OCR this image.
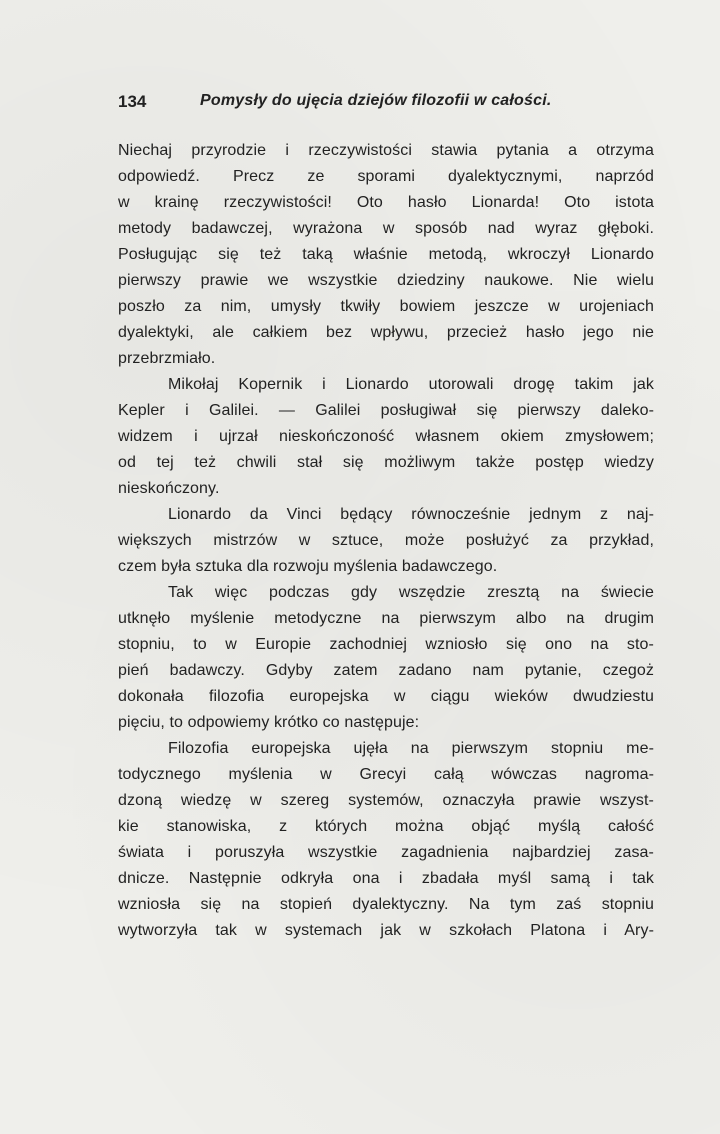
134	Pomysły do ujęcia dziejów filozofii w całości.
Niechaj przyrodzie i rzeczywistości stawia pytania a otrzyma
odpowiedź. Precz ze sporami dyalektycznymi, naprzód
w krainę rzeczywistości! Oto hasło Lionarda! Oto istota
metody badawczej, wyrażona w sposób nad wyraz głęboki.
Posługując się też taką właśnie metodą, wkroczył Lionardo
pierwszy prawie we wszystkie dziedziny naukowe. Nie wielu
poszło za nim, umysły tkwiły bowiem jeszcze w urojeniach
dyalektyki, ale całkiem bez wpływu, przecież hasło jego nie
przebrzmiało.
Mikołaj Kopernik i Lionardo utorowali drogę takim jak
Kepler i Galilei. — Galilei posługiwał się pierwszy daleko-
widzem i ujrzał nieskończoność własnem okiem zmysłowem;
od tej też chwili stał się możliwym także postęp wiedzy
nieskończony.
Lionardo da Vinci będący równocześnie jednym z naj-
większych mistrzów w sztuce, może posłużyć za przykład,
czem była sztuka dla rozwoju myślenia badawczego.
Tak więc podczas gdy wszędzie zresztą na świecie
utknęło myślenie metodyczne na pierwszym albo na drugim
stopniu, to w Europie zachodniej wzniosło się ono na sto-
pień badawczy. Gdyby zatem zadano nam pytanie, czegoż
dokonała filozofia europejska w ciągu wieków dwudziestu
pięciu, to odpowiemy krótko co następuje:
Filozofia europejska ujęła na pierwszym stopniu me-
todycznego myślenia w Grecyi całą wówczas nagroma-
dzoną wiedzę w szereg systemów, oznaczyła prawie wszyst-
kie stanowiska, z których można objąć myślą całość
świata i poruszyła wszystkie zagadnienia najbardziej zasa-
dnicze. Następnie odkryła ona i zbadała myśl samą i tak
wzniosła się na stopień dyalektyczny. Na tym zaś stopniu
wytworzyła tak w systemach jak w szkołach Platona i Ary-
